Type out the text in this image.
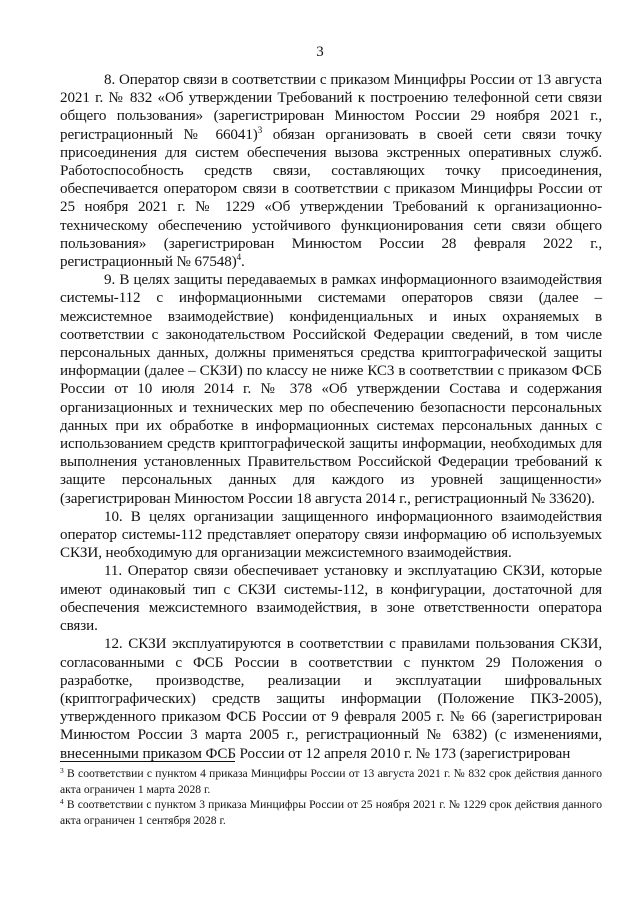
3

8. Оператор связи в соответствии с приказом Минцифры России от 13 августа 2021 г. № 832 «Об утверждении Требований к построению телефонной сети связи общего пользования» (зарегистрирован Минюстом России 29 ноября 2021 г., регистрационный № 66041)$^3$ обязан организовать в своей сети связи точку присоединения для систем обеспечения вызова экстренных оперативных служб. Работоспособность средств связи, составляющих точку присоединения, обеспечивается оператором связи в соответствии с приказом Минцифры России от 25 ноября 2021 г. № 1229 «Об утверждении Требований к организационно-техническому обеспечению устойчивого функционирования сети связи общего пользования» (зарегистрирован Минюстом России 28 февраля 2022 г., регистрационный № 67548)$^4$.

9. В целях защиты передаваемых в рамках информационного взаимодействия системы-112 с информационными системами операторов связи (далее – межсистемное взаимодействие) конфиденциальных и иных охраняемых в соответствии с законодательством Российской Федерации сведений, в том числе персональных данных, должны применяться средства криптографической защиты информации (далее – СКЗИ) по классу не ниже КС3 в соответствии с приказом ФСБ России от 10 июля 2014 г. № 378 «Об утверждении Состава и содержания организационных и технических мер по обеспечению безопасности персональных данных при их обработке в информационных системах персональных данных с использованием средств криптографической защиты информации, необходимых для выполнения установленных Правительством Российской Федерации требований к защите персональных данных для каждого из уровней защищенности» (зарегистрирован Минюстом России 18 августа 2014 г., регистрационный № 33620).

10. В целях организации защищенного информационного взаимодействия оператор системы-112 представляет оператору связи информацию об используемых СКЗИ, необходимую для организации межсистемного взаимодействия.

11. Оператор связи обеспечивает установку и эксплуатацию СКЗИ, которые имеют одинаковый тип с СКЗИ системы-112, в конфигурации, достаточной для обеспечения межсистемного взаимодействия, в зоне ответственности оператора связи.

12. СКЗИ эксплуатируются в соответствии с правилами пользования СКЗИ, согласованными с ФСБ России в соответствии с пунктом 29 Положения о разработке, производстве, реализации и эксплуатации шифровальных (криптографических) средств защиты информации (Положение ПКЗ-2005), утвержденного приказом ФСБ России от 9 февраля 2005 г. № 66 (зарегистрирован Минюстом России 3 марта 2005 г., регистрационный № 6382) (с изменениями, внесенными приказом ФСБ России от 12 апреля 2010 г. № 173 (зарегистрирован

$^3$ В соответствии с пунктом 4 приказа Минцифры России от 13 августа 2021 г. № 832 срок действия данного акта ограничен 1 марта 2028 г.

$^4$ В соответствии с пунктом 3 приказа Минцифры России от 25 ноября 2021 г. № 1229 срок действия данного акта ограничен 1 сентября 2028 г.
